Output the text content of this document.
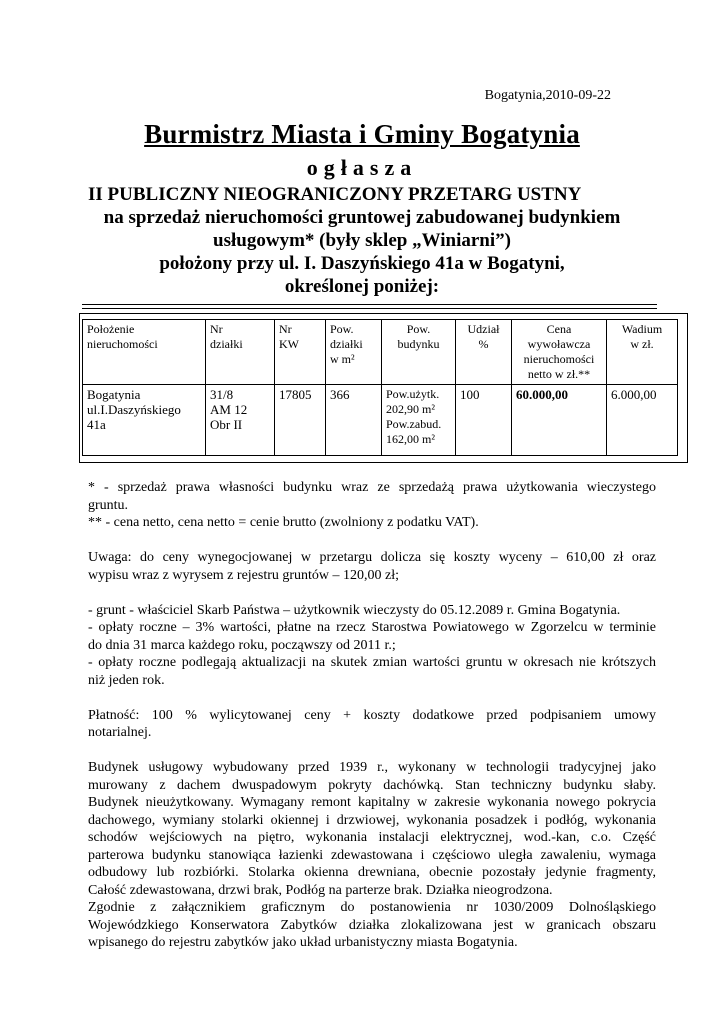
Bogatynia,2010-09-22
Burmistrz Miasta i Gminy Bogatynia
ogłasza
II PUBLICZNY NIEOGRANICZONY PRZETARG USTNY
na sprzedaż nieruchomości gruntowej zabudowanej budynkiem
usługowym* (były sklep „Winiarni”)
położony przy ul. I. Daszyńskiego 41a w Bogatyni,
określonej poniżej:
Położenie
nieruchomości	Nr
działki	Nr
KW	Pow.
działki
w m²	Pow.
budynku	Udział
%	Cena
wywoławcza
nieruchomości
netto w zł.**	Wadium
w zł.
Bogatynia
ul.I.Daszyńskiego
41a	31/8
AM 12
Obr II	17805	366	Pow.użytk.
202,90 m²
Pow.zabud.
162,00 m²	100	60.000,00	6.000,00

* - sprzedaż prawa własności budynku wraz ze sprzedażą prawa użytkowania wieczystego
gruntu.

** - cena netto, cena netto = cenie brutto (zwolniony z podatku VAT).

Uwaga: do ceny wynegocjowanej w przetargu dolicza się koszty wyceny – 610,00 zł oraz
wypisu wraz z wyrysem z rejestru gruntów – 120,00 zł;

- grunt - właściciel Skarb Państwa – użytkownik wieczysty do 05.12.2089 r. Gmina Bogatynia.

- opłaty roczne – 3% wartości, płatne na rzecz Starostwa Powiatowego w Zgorzelcu w terminie
do dnia 31 marca każdego roku, począwszy od 2011 r.;

- opłaty roczne podlegają aktualizacji na skutek zmian wartości gruntu w okresach nie krótszych
niż jeden rok.

Płatność: 100 % wylicytowanej ceny + koszty dodatkowe przed podpisaniem umowy
notarialnej.

Budynek usługowy wybudowany przed 1939 r., wykonany w technologii tradycyjnej jako
murowany z dachem dwuspadowym pokryty dachówką. Stan techniczny budynku słaby.
Budynek nieużytkowany. Wymagany remont kapitalny w zakresie wykonania nowego pokrycia
dachowego, wymiany stolarki okiennej i drzwiowej, wykonania posadzek i podłóg, wykonania
schodów wejściowych na piętro, wykonania instalacji elektrycznej, wod.-kan, c.o. Część
parterowa budynku stanowiąca łazienki zdewastowana i częściowo uległa zawaleniu, wymaga
odbudowy lub rozbiórki. Stolarka okienna drewniana, obecnie pozostały jedynie fragmenty,
Całość zdewastowana, drzwi brak, Podłóg na parterze brak. Działka nieogrodzona.
Zgodnie z załącznikiem graficznym do postanowienia nr 1030/2009 Dolnośląskiego
Wojewódzkiego Konserwatora Zabytków działka zlokalizowana jest w granicach obszaru
wpisanego do rejestru zabytków jako układ urbanistyczny miasta Bogatynia.
